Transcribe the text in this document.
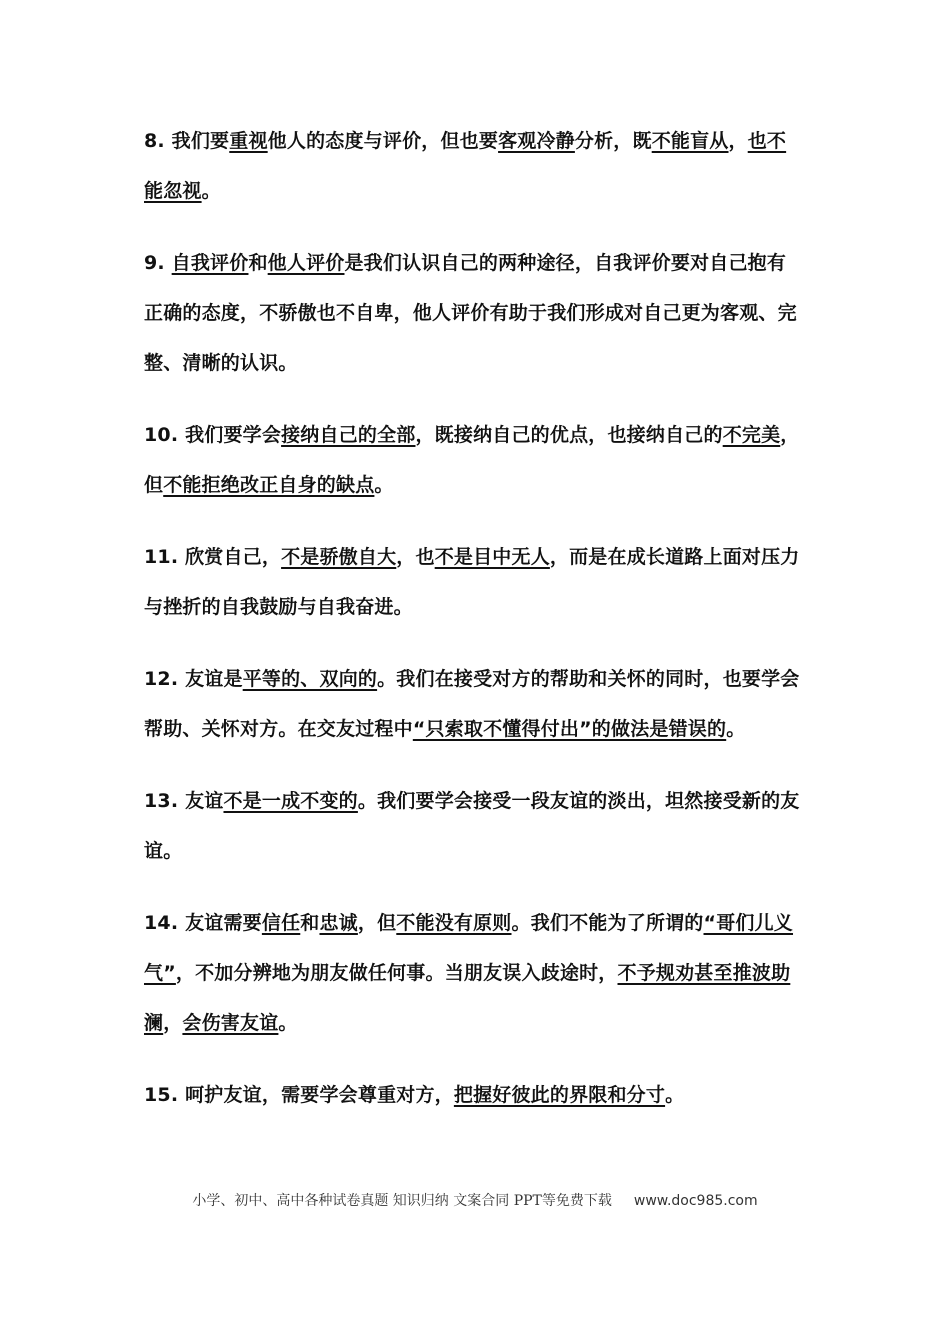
8. 我们要重视他人的态度与评价，但也要客观冷静分析，既不能盲从，也不能忽视。

9. 自我评价和他人评价是我们认识自己的两种途径，自我评价要对自己抱有正确的态度，不骄傲也不自卑，他人评价有助于我们形成对自己更为客观、完整、清晰的认识。

10. 我们要学会接纳自己的全部，既接纳自己的优点，也接纳自己的不完美，但不能拒绝改正自身的缺点。

11. 欣赏自己，不是骄傲自大，也不是目中无人，而是在成长道路上面对压力与挫折的自我鼓励与自我奋进。

12. 友谊是平等的、双向的。我们在接受对方的帮助和关怀的同时，也要学会帮助、关怀对方。在交友过程中“只索取不懂得付出”的做法是错误的。

13. 友谊不是一成不变的。我们要学会接受一段友谊的淡出，坦然接受新的友谊。

14. 友谊需要信任和忠诚，但不能没有原则。我们不能为了所谓的“哥们儿义气”，不加分辨地为朋友做任何事。当朋友误入歧途时，不予规劝甚至推波助澜，会伤害友谊。

15. 呵护友谊，需要学会尊重对方，把握好彼此的界限和分寸。

小学、初中、高中各种试卷真题 知识归纳 文案合同 PPT等免费下载 www.doc985.com
